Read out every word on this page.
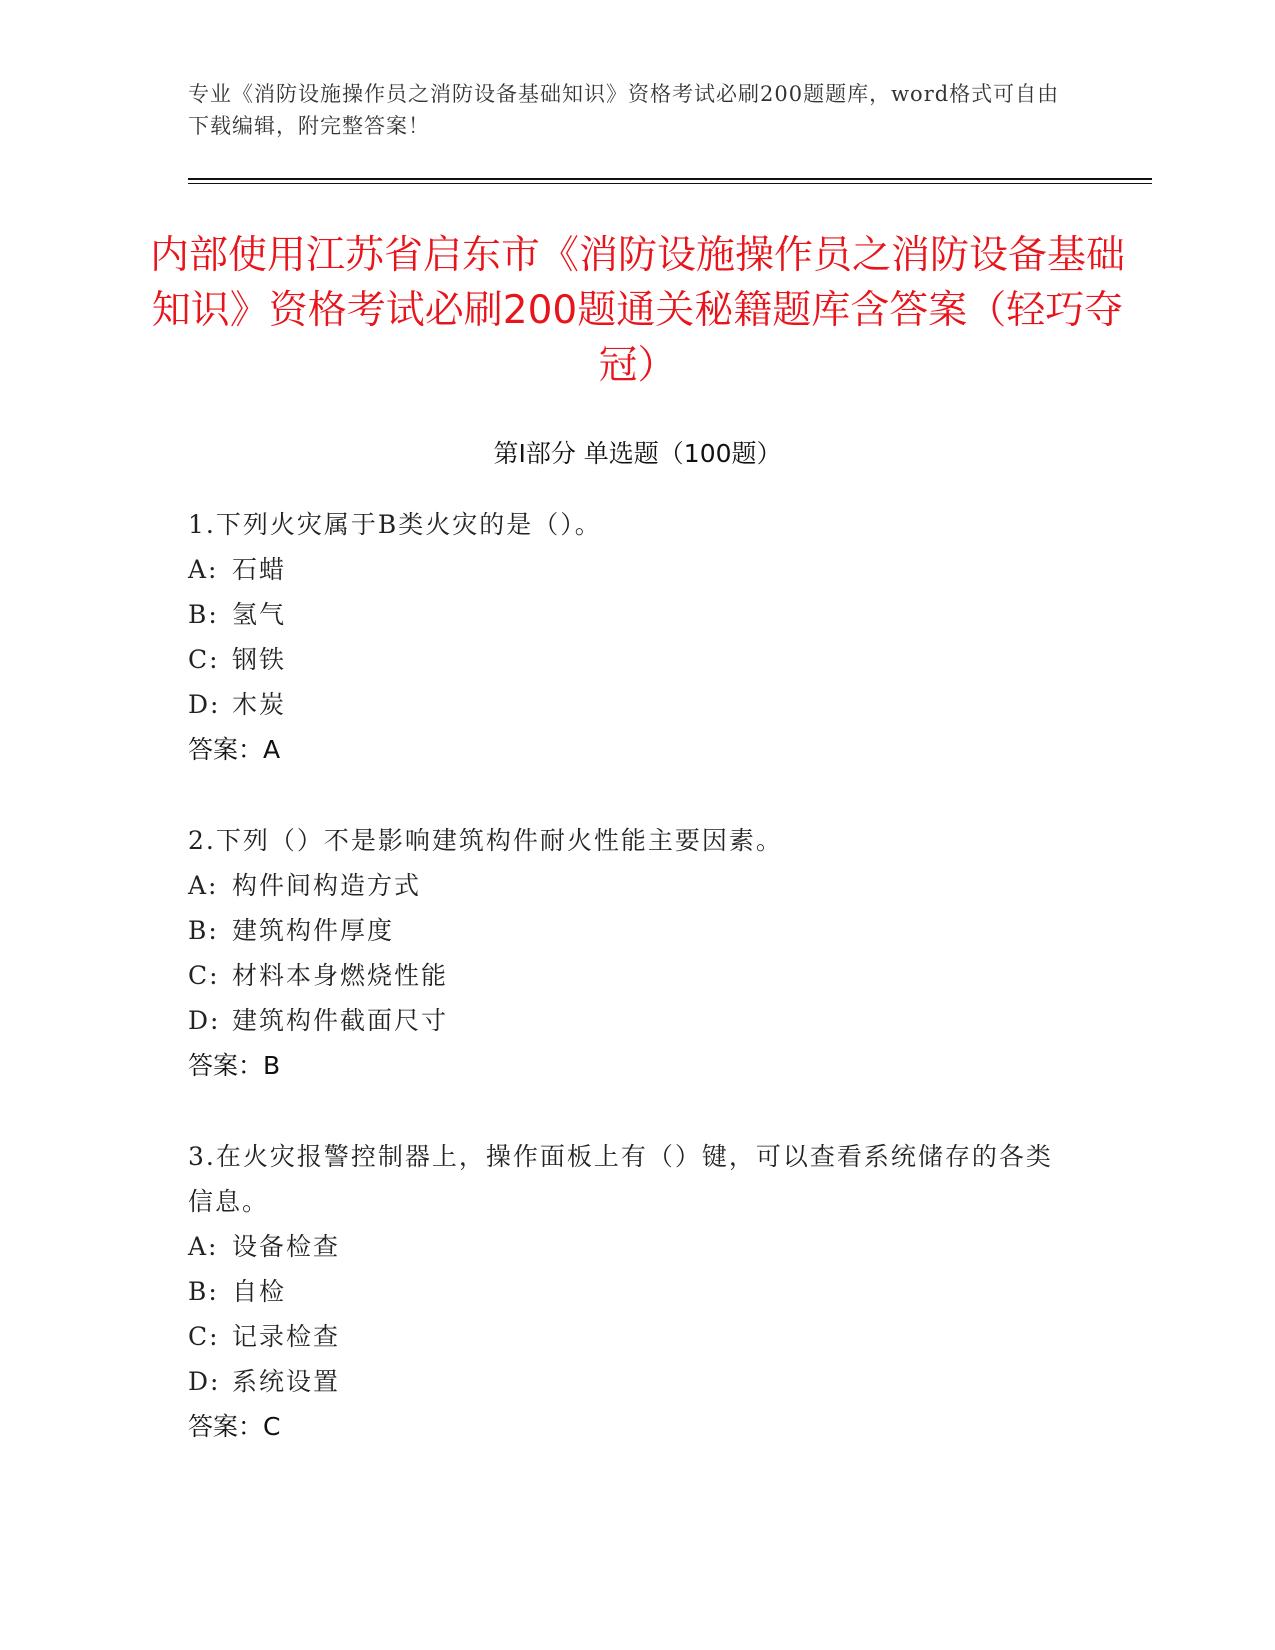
专业《消防设施操作员之消防设备基础知识》资格考试必刷200题题库，word格式可自由下载编辑，附完整答案！
内部使用江苏省启东市《消防设施操作员之消防设备基础知识》资格考试必刷200题通关秘籍题库含答案（轻巧夺冠）
第Ⅰ部分 单选题（100题）
1.下列火灾属于B类火灾的是（）。
A: 石蜡
B: 氢气
C: 钢铁
D: 木炭
答案：A
2.下列（）不是影响建筑构件耐火性能主要因素。
A: 构件间构造方式
B: 建筑构件厚度
C: 材料本身燃烧性能
D: 建筑构件截面尺寸
答案：B
3.在火灾报警控制器上，操作面板上有（）键，可以查看系统储存的各类信息。
A: 设备检查
B: 自检
C: 记录检查
D: 系统设置
答案：C
